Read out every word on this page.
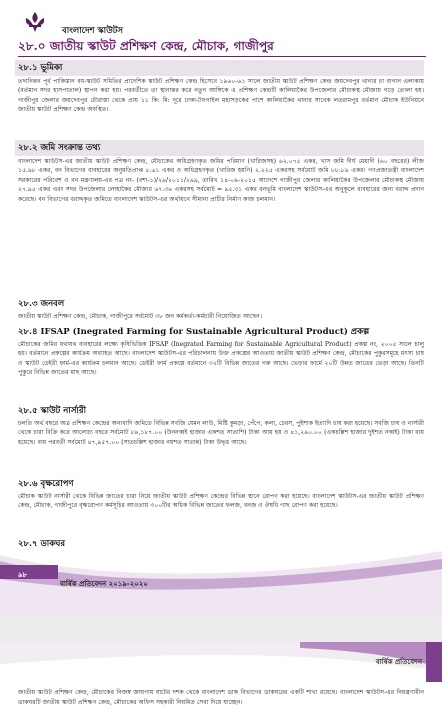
বাংলাদেশ স্কাউটস
২৮.০ জাতীয় স্কাউট প্রশিক্ষণ কেন্দ্র, মৌচাক, গাজীপুর
২৮.১ ভূমিকা

তদানিন্তন পূর্ব পাকিস্তান বয়-স্কাউট সমিতির প্রাদেশিক স্কাউট প্রশিক্ষণ কেন্দ্র হিসেবে ১৯৬০-৬১ সালে জাতীয় স্কাউট প্রশিক্ষণ কেন্দ্র জয়দেবপুর থানার চা বাগান এলাকায় (বর্তমান সদর হাসপাতাল) স্থাপন করা হয়। পরবর্তীতে তা স্থানান্তর করে নতুন আঙ্গিকে এ প্রশিক্ষণ কেন্দ্রটি কালিয়াকৈর উপজেলার মৌচাকস্থ মৌজায় গড়ে তোলা হয়। গাজীপুর জেলার জয়দেবপুর চৌরাস্তা থেকে প্রায় ১১ কি: মি: দূরে ঢাকা-টাংগাইল মহাসড়কের পাশে কালিয়াকৈর থানার সাবেক লতরামপুর বর্তমান মৌচাক ইউনিয়নে জাতীয় স্কাউট প্রশিক্ষণ কেন্দ্র অবস্থিত।

২৮.২ জমি সংক্রান্ত তথ্য

বাংলাদেশ স্কাউটস-এর জাতীয় স্কাউট প্রশিক্ষণ কেন্দ্র, মৌচাকের অধিগ্রহণকৃত জমির পরিমাণ (খারিজসহ) ৬২.০৭৫ একর, খাস জমি দীর্ঘ মেয়াদী (৬০ বছরের) লীজ ১৫.৯৮ একর, বন বিভাগের ব্যবহারের অনুমতিপ্রাপ্ত ৮.৬১ একর ও অধিগ্রহণকৃত (খারিজ হয়নি) ২.২২৫ একরসহ সর্বমোট জমি ৮৮.৮৯ একর। গণপ্রজাতন্ত্রী বাংলাদেশ সরকারের পরিবেশ ও বন মন্ত্রণালয়-এর পত্র নং- (বশা-১)/২৯/২০১১/২৯৯, তারিখ ১৪-০৯-২০১৫ আদেশে গাজীপুর জেলার কালিয়াকৈর উপজেলার মৌচাকস্থ মৌজায় ২৭.৯৫ একর এবং সদর উপজেলার লোহাকৈর মৌজার ৬৭.৩৬ একরসহ সর্বমোট = ৯৫.৩১ একর বনভূমি বাংলাদেশ স্কাউটস-এর অনুকূলে ব্যবহারের জন্য বরাদ্দ প্রদান করেছে। বন বিভাগের বরাদ্দকৃত জমিতে বাংলাদেশ স্কাউটস-এর অর্থায়নে সীমানা প্রাচীর নির্মাণ কাজ চলমান।

২৮.৩ জনবল

জাতীয় স্কাউট প্রশিক্ষণ কেন্দ্র, মৌচাক, গাজীপুরে সর্বমোট ৩৮ জন কর্মকর্তা-কর্মচারী নিয়োজিত আছেন।

২৮.৪ IFSAP (Inegrated Farming for Sustainable Agricultural Product) প্রকল্প

মৌচাকের জমির যথাযথ ব্যবহারের লক্ষ্যে কৃষিভিত্তিক IFSAP (Inegrated Farming for Sustainable Agricultural Product) প্রকল্প নং, ২০০৫ সালে চালু হয়। বর্তমানে প্রকল্পের কার্যক্রম অব্যাহত আছে। বাংলাদেশ স্কাউটস-এর পরিচালনায় উক্ত প্রকল্পের আওতায় জাতীয় স্কাউট প্রশিক্ষণ কেন্দ্র, মৌচাকের পুকুরসমূহে মৎস্য চাষ ও স্কাউট ডেইরী ফার্ম-এর কার্যক্রম চলমান আছে। ডেইরী ফার্ম প্রকল্পে বর্তমানে ৩২টি বিভিন্ন জাতের গরু আছে। ভেড়ার ফার্মে ২০টি উন্নত জাতের ভেড়া আছে। তিনটি পুকুরে বিভিন্ন জাতের মাছ আছে।

২৮.৫ স্কাউট নার্সারী

চলতি অর্থ বছরে অত্র প্রশিক্ষণ কেন্দ্রের অনাবাদি জমিতে বিভিন্ন সবজি যেমন লাউ, মিষ্টি কুমড়া, পেঁপে, কলা, ঢেরস, পুইশাক ইত্যাদি চাষ করা হয়েছে। সবজি চাষ ও নার্সারী থেকে চারা বিক্রি করে আলোচ্য বছরে সর্বমোট ৮৯,১৮৭.০০ (উননব্বই হাজার একশত সাতাশি) টাকা আয় হয় ও ৪১,২৯০.০০ (একচল্লিশ হাজার দুইশত নব্বই) টাকা ব্যয় হয়েছে। ব্যয় পরবর্তী সর্বমোট ৪৭,৯৫৭.০০ (সাতচল্লিশ হাজার নয়শত সাতান্ন) টাকা উদ্বৃত্ত আছে।

২৮.৬ বৃক্ষরোপণ

মৌচাক স্কাউট নার্সারী থেকে বিভিন্ন জাতের চারা নিয়ে জাতীয় স্কাউট প্রশিক্ষণ কেন্দ্রের বিভিন্ন স্থানে রোপণ করা হয়েছে। বাংলাদেশ স্কাউটস-এর জাতীয় স্কাউট প্রশিক্ষণ কেন্দ্র, মৌচাক, গাজীপুরে বৃক্ষরোপণ কর্মসূচির আওতায় ৩০০টির অধিক বিভিন্ন জাতের ফলজ, বনজ ও ঔষধি গাছ রোপণ করা হয়েছে।

২৮.৭ ডাকঘর
৯৮
বার্ষিক প্রতিবেদন ২০১৯-২০২০
বার্ষিক প্রতিবেদন
জাতীয় স্কাউট প্রশিক্ষণ কেন্দ্র, মৌচাকের নিজস্ব জায়গায় ষাটের দশক থেকে বাংলাদেশ ডাক বিভাগের ডাকঘরের একটি শাখা রয়েছে। বাংলাদেশ স্কাউটস-এর নিয়ন্ত্রণাধীন ডাকঘরটি জাতীয় স্কাউট প্রশিক্ষণ কেন্দ্র, মৌচাকের অফিস সহকারী নিয়মিত সেবা দিয়ে যাচ্ছেন।
